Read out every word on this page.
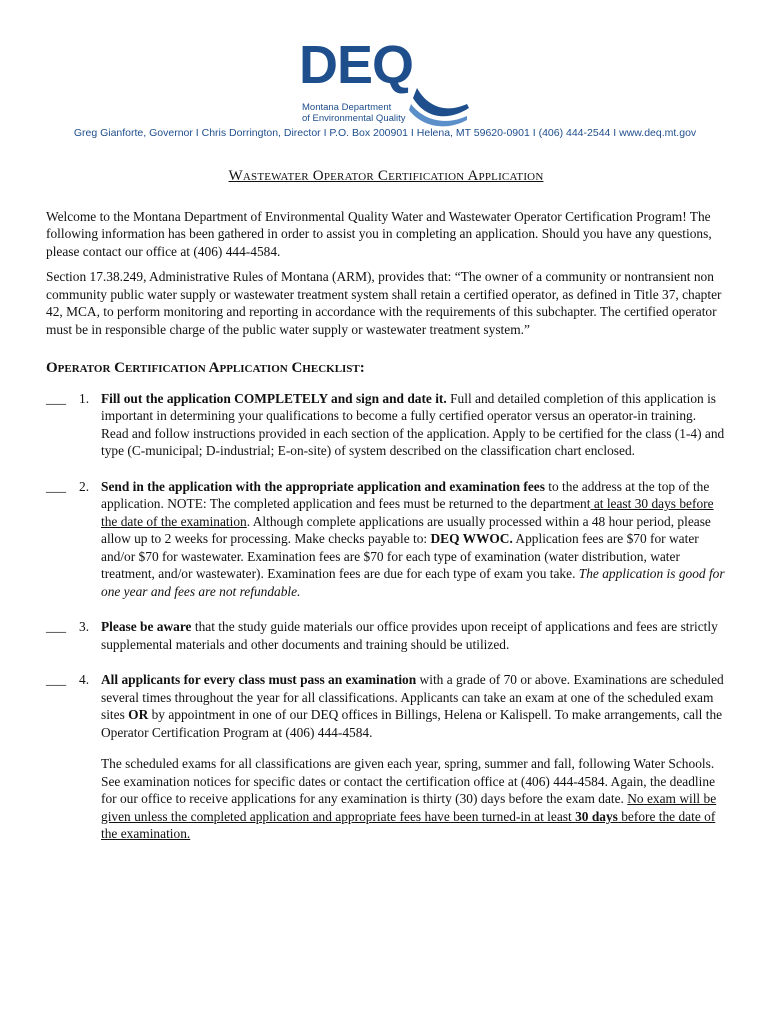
DEQ
Montana Department
of Environmental Quality
Greg Gianforte, Governor I Chris Dorrington, Director I P.O. Box 200901 I Helena, MT 59620-0901 I (406) 444-2544 I www.deq.mt.gov
Wastewater Operator Certification Application

Welcome to the Montana Department of Environmental Quality Water and Wastewater Operator Certification Program! The following information has been gathered in order to assist you in completing an application. Should you have any questions, please contact our office at (406) 444-4584.

Section 17.38.249, Administrative Rules of Montana (ARM), provides that: “The owner of a community or nontransient non community public water supply or wastewater treatment system shall retain a certified operator, as defined in Title 37, chapter 42, MCA, to perform monitoring and reporting in accordance with the requirements of this subchapter. The certified operator must be in responsible charge of the public water supply or wastewater treatment system.”

Operator Certification Application Checklist:
___ 1. Fill out the application COMPLETELY and sign and date it. Full and detailed completion of this application is important in determining your qualifications to become a fully certified operator versus an operator-in training. Read and follow instructions provided in each section of the application. Apply to be certified for the class (1-4) and type (C-municipal; D-industrial; E-on-site) of system described on the classification chart enclosed.
___ 2. Send in the application with the appropriate application and examination fees to the address at the top of the application. NOTE: The completed application and fees must be returned to the department at least 30 days before the date of the examination. Although complete applications are usually processed within a 48 hour period, please allow up to 2 weeks for processing. Make checks payable to: DEQ WWOC. Application fees are $70 for water and/or $70 for wastewater. Examination fees are $70 for each type of examination (water distribution, water treatment, and/or wastewater). Examination fees are due for each type of exam you take. The application is good for one year and fees are not refundable.
___ 3. Please be aware that the study guide materials our office provides upon receipt of applications and fees are strictly supplemental materials and other documents and training should be utilized.
___ 4. All applicants for every class must pass an examination with a grade of 70 or above. Examinations are scheduled several times throughout the year for all classifications. Applicants can take an exam at one of the scheduled exam sites OR by appointment in one of our DEQ offices in Billings, Helena or Kalispell. To make arrangements, call the Operator Certification Program at (406) 444-4584.
The scheduled exams for all classifications are given each year, spring, summer and fall, following Water Schools. See examination notices for specific dates or contact the certification office at (406) 444-4584. Again, the deadline for our office to receive applications for any examination is thirty (30) days before the exam date. No exam will be given unless the completed application and appropriate fees have been turned-in at least 30 days before the date of the examination.
